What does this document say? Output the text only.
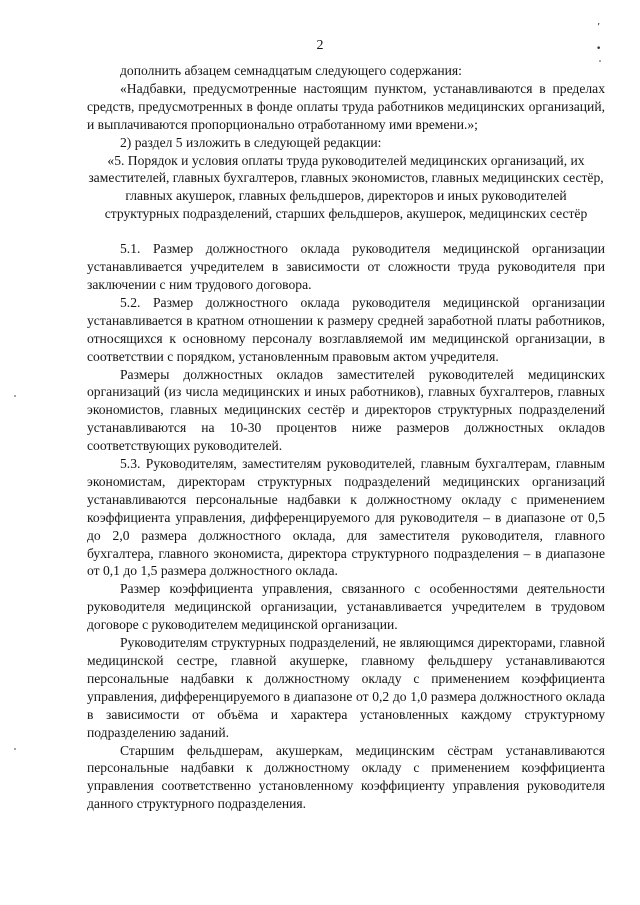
’
•
2

дополнить абзацем семнадцатым следующего содержания:

«Надбавки, предусмотренные настоящим пунктом, устанавливаются в пределах средств, предусмотренных в фонде оплаты труда работников медицинских организаций, и выплачиваются пропорционально отработанному ими времени.»;

2) раздел 5 изложить в следующей редакции:

«5. Порядок и условия оплаты труда руководителей медицинских организаций, их заместителей, главных бухгалтеров, главных экономистов, главных медицинских сестёр, главных акушерок, главных фельдшеров, директоров и иных руководителей структурных подразделений, старших фельдшеров, акушерок, медицинских сестёр

5.1. Размер должностного оклада руководителя медицинской организации устанавливается учредителем в зависимости от сложности труда руководителя при заключении с ним трудового договора.

5.2. Размер должностного оклада руководителя медицинской организации устанавливается в кратном отношении к размеру средней заработной платы работников, относящихся к основному персоналу возглавляемой им медицинской организации, в соответствии с порядком, установленным правовым актом учредителя.

Размеры должностных окладов заместителей руководителей медицинских организаций (из числа медицинских и иных работников), главных бухгалтеров, главных экономистов, главных медицинских сестёр и директоров структурных подразделений устанавливаются на 10-30 процентов ниже размеров должностных окладов соответствующих руководителей.

5.3. Руководителям, заместителям руководителей, главным бухгалтерам, главным экономистам, директорам структурных подразделений медицинских организаций устанавливаются персональные надбавки к должностному окладу с применением коэффициента управления, дифференцируемого для руководителя – в диапазоне от 0,5 до 2,0 размера должностного оклада, для заместителя руководителя, главного бухгалтера, главного экономиста, директора структурного подразделения – в диапазоне от 0,1 до 1,5 размера должностного оклада.

Размер коэффициента управления, связанного с особенностями деятельности руководителя медицинской организации, устанавливается учредителем в трудовом договоре с руководителем медицинской организации.

Руководителям структурных подразделений, не являющимся директорами, главной медицинской сестре, главной акушерке, главному фельдшеру устанавливаются персональные надбавки к должностному окладу с применением коэффициента управления, дифференцируемого в диапазоне от 0,2 до 1,0 размера должностного оклада в зависимости от объёма и характера установленных каждому структурному подразделению заданий.

Старшим фельдшерам, акушеркам, медицинским сёстрам устанавливаются персональные надбавки к должностному окладу с применением коэффициента управления соответственно установленному коэффициенту управления руководителя данного структурного подразделения.
